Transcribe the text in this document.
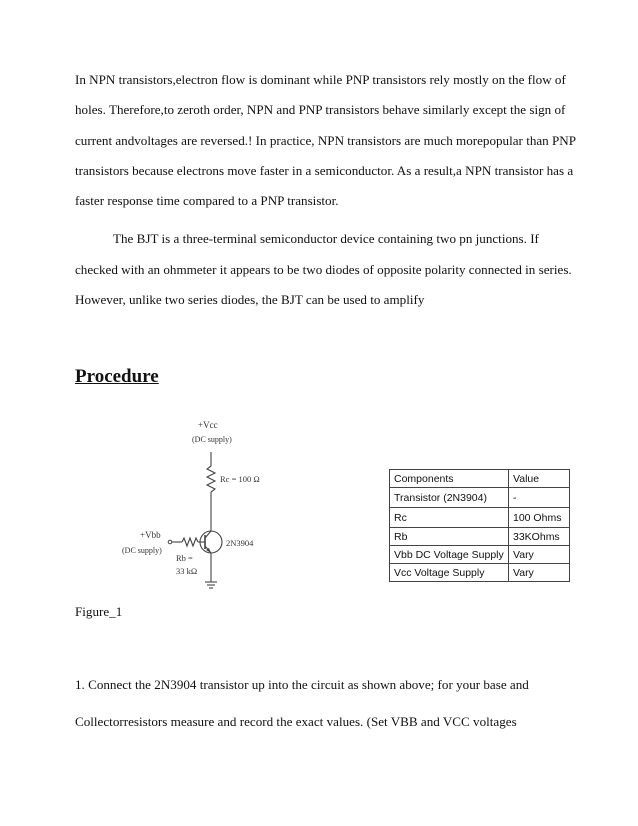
In NPN transistors,electron flow is dominant while PNP transistors rely mostly on the flow of
holes. Therefore,to zeroth order, NPN and PNP transistors behave similarly except the sign of
current andvoltages are reversed.! In practice, NPN transistors are much morepopular than PNP
transistors because electrons move faster in a semiconductor. As a result,a NPN transistor has a
faster response time compared to a PNP transistor.
The BJT is a three-terminal semiconductor device containing two pn junctions. If
checked with an ohmmeter it appears to be two diodes of opposite polarity connected in series.
However, unlike two series diodes, the BJT can be used to amplify
Procedure
+Vcc
(DC supply)
Rc = 100 Ω
+Vbb
(DC supply)
Rb =
33 kΩ
2N3904
Components	Value
Transistor (2N3904)	-
Rc	100 Ohms
Rb	33KOhms
Vbb DC Voltage Supply	Vary
Vcc Voltage Supply	Vary
Figure_1
1. Connect the 2N3904 transistor up into the circuit as shown above; for your base and
Collectorresistors measure and record the exact values. (Set VBB and VCC voltages
